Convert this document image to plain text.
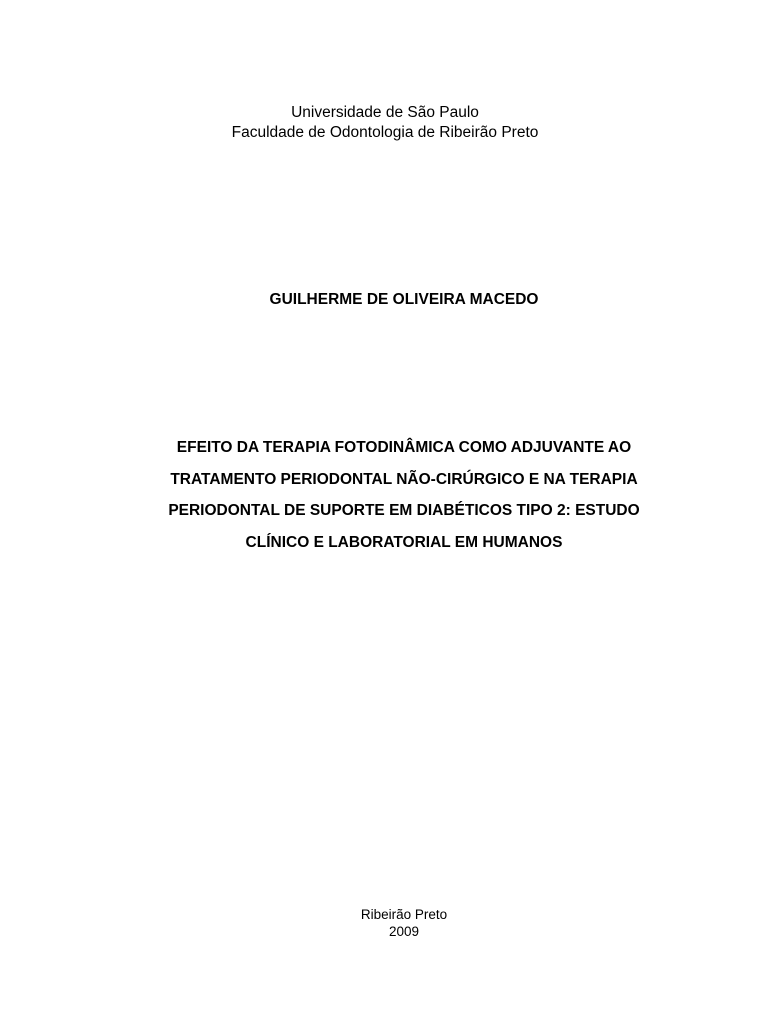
Universidade de São Paulo
Faculdade de Odontologia de Ribeirão Preto
GUILHERME DE OLIVEIRA MACEDO
EFEITO DA TERAPIA FOTODINÂMICA COMO ADJUVANTE AO
TRATAMENTO PERIODONTAL NÃO-CIRÚRGICO E NA TERAPIA
PERIODONTAL DE SUPORTE EM DIABÉTICOS TIPO 2: ESTUDO
CLÍNICO E LABORATORIAL EM HUMANOS
Ribeirão Preto
2009
